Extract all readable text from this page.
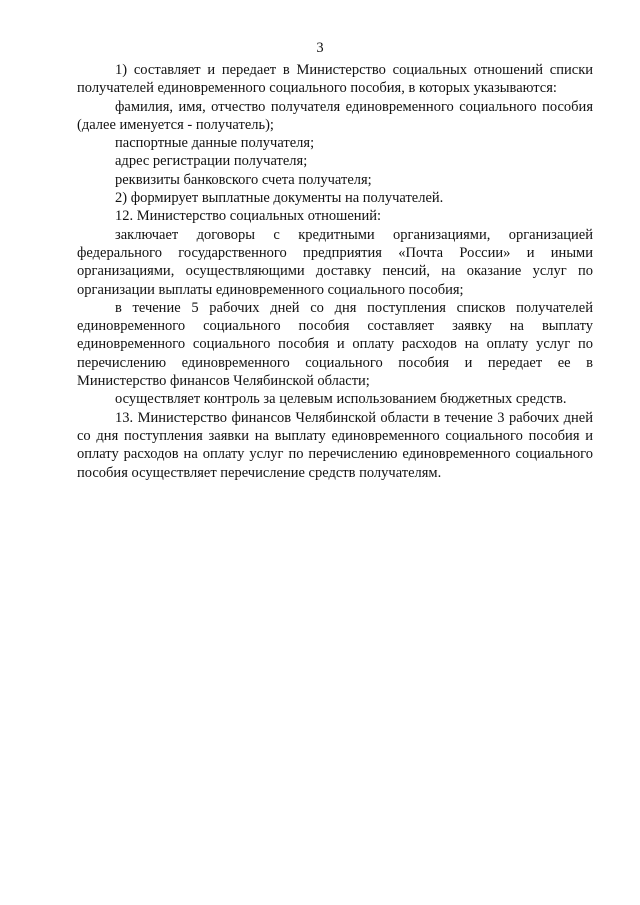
3

1) составляет и передает в Министерство социальных отношений списки получателей единовременного социального пособия, в которых указываются:

фамилия, имя, отчество получателя единовременного социального пособия (далее именуется - получатель);

паспортные данные получателя;

адрес регистрации получателя;

реквизиты банковского счета получателя;

2) формирует выплатные документы на получателей.

12. Министерство социальных отношений:

заключает договоры с кредитными организациями, организацией федерального государственного предприятия «Почта России» и иными организациями, осуществляющими доставку пенсий, на оказание услуг по организации выплаты единовременного социального пособия;

в течение 5 рабочих дней со дня поступления списков получателей единовременного социального пособия составляет заявку на выплату единовременного социального пособия и оплату расходов на оплату услуг по перечислению единовременного социального пособия и передает ее в Министерство финансов Челябинской области;

осуществляет контроль за целевым использованием бюджетных средств.

13. Министерство финансов Челябинской области в течение 3 рабочих дней со дня поступления заявки на выплату единовременного социального пособия и оплату расходов на оплату услуг по перечислению единовременного социального пособия осуществляет перечисление средств получателям.
